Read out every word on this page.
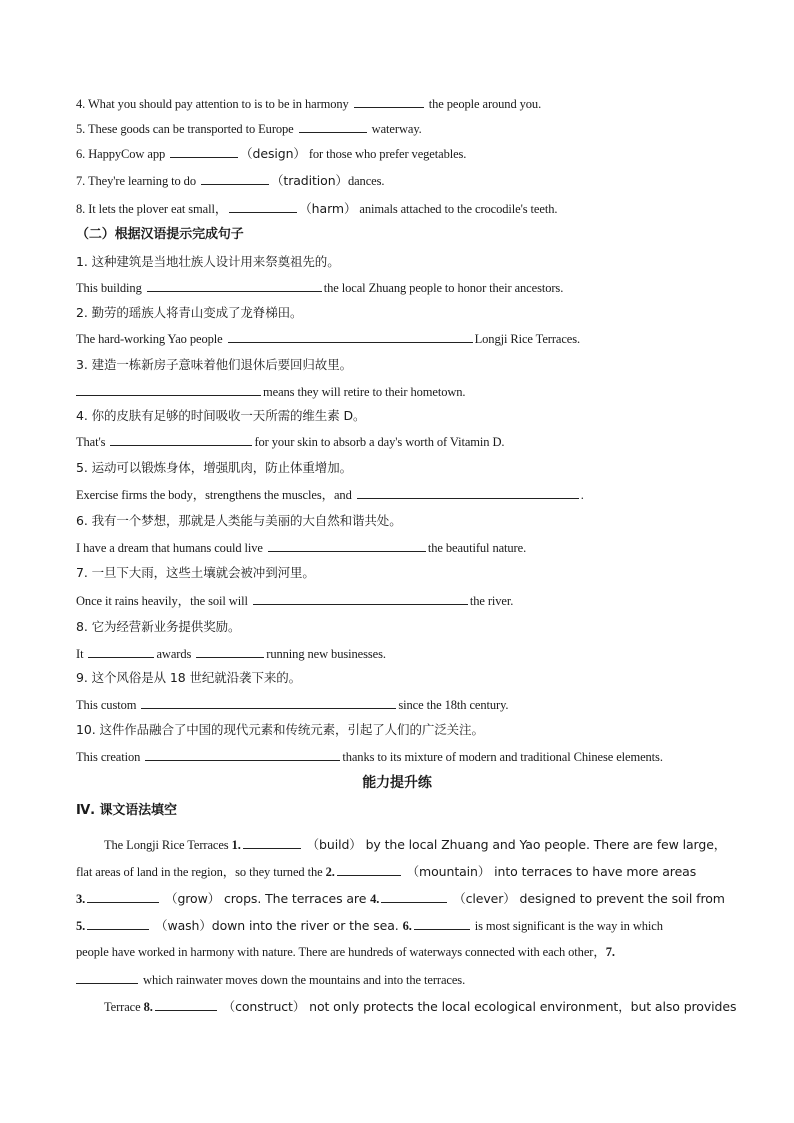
4. What you should pay attention to is to be in harmony	the people around you.
5. These goods can be transported to Europe	waterway.
6. HappyCow app	（design） for those who prefer vegetables.
7. They're learning to do	（tradition）dances.
8. It lets the plover eat small，	（harm） animals attached to the crocodile's teeth.
（二）根据汉语提示完成句子
1. 这种建筑是当地壮族人设计用来祭奠祖先的。
This building	the local Zhuang people to honor their ancestors.
2. 勤劳的瑶族人将青山变成了龙脊梯田。
The hard-working Yao people	Longji Rice Terraces.
3. 建造一栋新房子意味着他们退休后要回归故里。
means they will retire to their hometown.
4. 你的皮肤有足够的时间吸收一天所需的维生素 D。
That's	for your skin to absorb a day's worth of Vitamin D.
5. 运动可以锻炼身体，增强肌肉，防止体重增加。
Exercise firms the body，strengthens the muscles，and	.
6. 我有一个梦想，那就是人类能与美丽的大自然和谐共处。
I have a dream that humans could live	the beautiful nature.
7. 一旦下大雨，这些土壤就会被冲到河里。
Once it rains heavily，the soil will	the river.
8. 它为经营新业务提供奖励。
It	awards	running new businesses.
9. 这个风俗是从 18 世纪就沿袭下来的。
This custom	since the 18th century.
10. 这件作品融合了中国的现代元素和传统元素，引起了人们的广泛关注。
This creation	thanks to its mixture of modern and traditional Chinese elements.
能力提升练
Ⅳ. 课文语法填空
The Longji Rice Terraces 1.	（build） by the local Zhuang and Yao people. There are few large，
flat areas of land in the region，so they turned the 2.	（mountain） into terraces to have more areas
3.	（grow） crops. The terraces are 4.	（clever） designed to prevent the soil from
5.	（wash）down into the river or the sea. 6.	is most significant is the way in which
people have worked in harmony with nature. There are hundreds of waterways connected with each other，7.
which rainwater moves down the mountains and into the terraces.
Terrace 8.	（construct） not only protects the local ecological environment，but also provides
